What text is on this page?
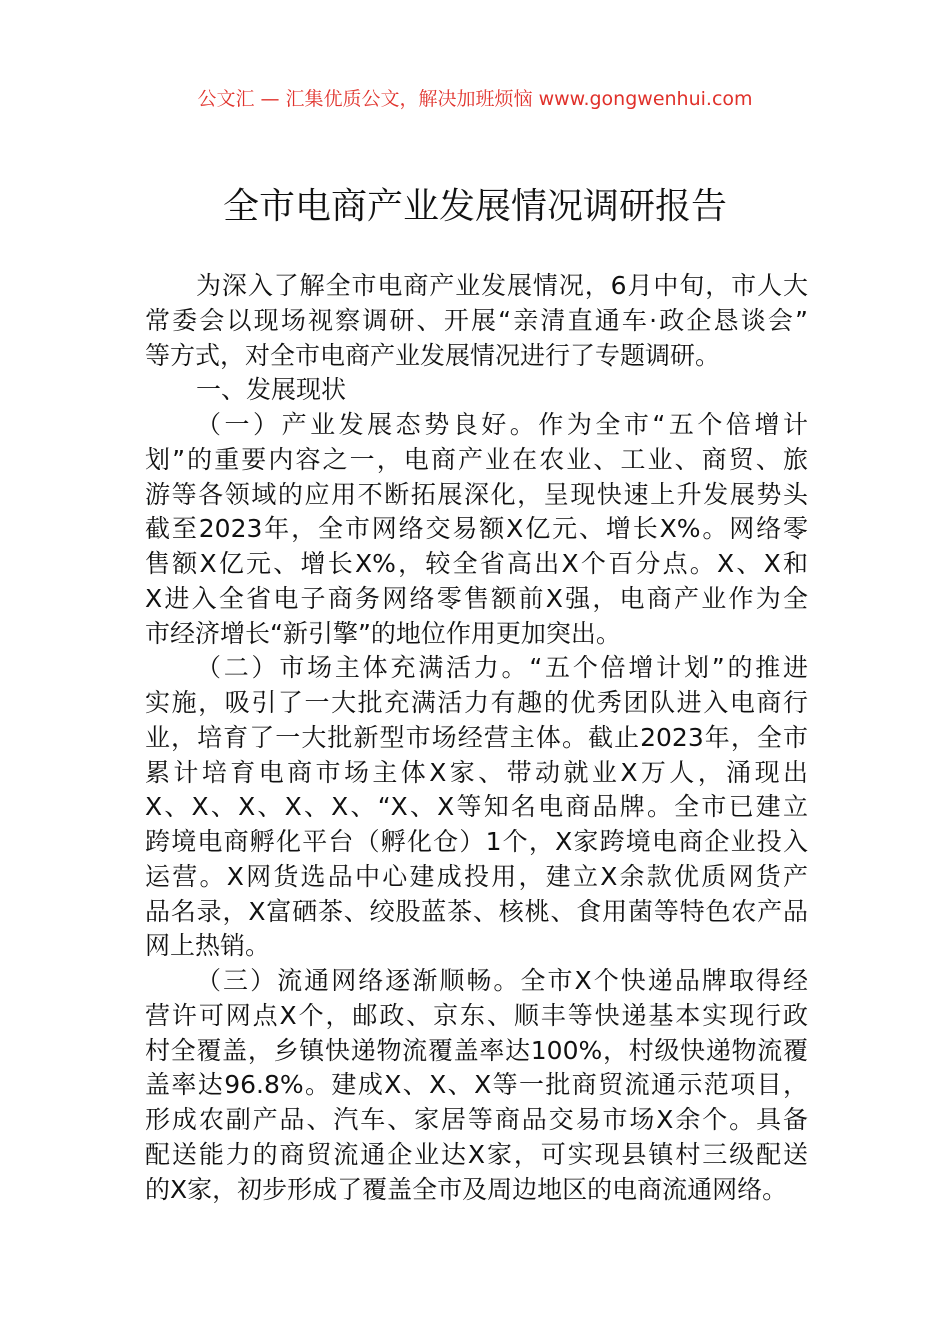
公文汇 — 汇集优质公文，解决加班烦恼 www.gongwenhui.com
全市电商产业发展情况调研报告
为深入了解全市电商产业发展情况，6月中旬，市人大
常委会以现场视察调研、开展“亲清直通车·政企恳谈会”
等方式，对全市电商产业发展情况进行了专题调研。
一、发展现状
（一）产业发展态势良好。作为全市“五个倍增计
划”的重要内容之一，电商产业在农业、工业、商贸、旅
游等各领域的应用不断拓展深化，呈现快速上升发展势头
截至2023年，全市网络交易额X亿元、增长X%。网络零
售额X亿元、增长X%，较全省高出X个百分点。X、X和
X进入全省电子商务网络零售额前X强，电商产业作为全
市经济增长“新引擎”的地位作用更加突出。
（二）市场主体充满活力。“五个倍增计划”的推进
实施，吸引了一大批充满活力有趣的优秀团队进入电商行
业，培育了一大批新型市场经营主体。截止2023年，全市
累计培育电商市场主体X家、带动就业X万人，涌现出
X、X、X、X、X、“X、X等知名电商品牌。全市已建立
跨境电商孵化平台（孵化仓）1个，X家跨境电商企业投入
运营。X网货选品中心建成投用，建立X余款优质网货产
品名录，X富硒茶、绞股蓝茶、核桃、食用菌等特色农产品
网上热销。
（三）流通网络逐渐顺畅。全市X个快递品牌取得经
营许可网点X个，邮政、京东、顺丰等快递基本实现行政
村全覆盖，乡镇快递物流覆盖率达100%，村级快递物流覆
盖率达96.8%。建成X、X、X等一批商贸流通示范项目，
形成农副产品、汽车、家居等商品交易市场X余个。具备
配送能力的商贸流通企业达X家，可实现县镇村三级配送
的X家，初步形成了覆盖全市及周边地区的电商流通网络。
